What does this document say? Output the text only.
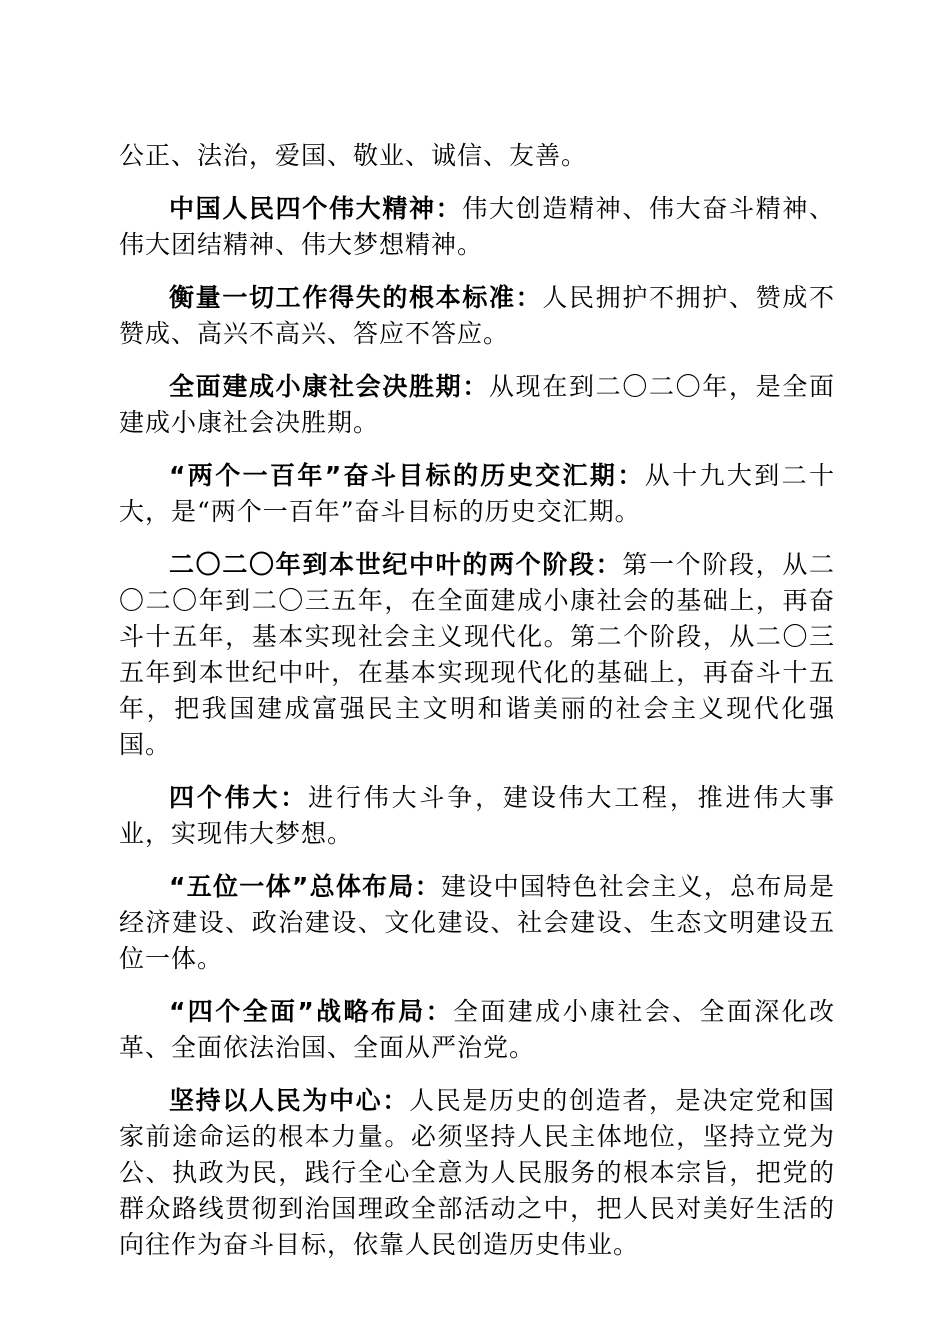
公正、法治，爱国、敬业、诚信、友善。

中国人民四个伟大精神：伟大创造精神、伟大奋斗精神、伟大团结精神、伟大梦想精神。

衡量一切工作得失的根本标准：人民拥护不拥护、赞成不赞成、高兴不高兴、答应不答应。

全面建成小康社会决胜期：从现在到二〇二〇年，是全面建成小康社会决胜期。

“两个一百年”奋斗目标的历史交汇期：从十九大到二十大，是“两个一百年”奋斗目标的历史交汇期。

二〇二〇年到本世纪中叶的两个阶段：第一个阶段，从二〇二〇年到二〇三五年，在全面建成小康社会的基础上，再奋斗十五年，基本实现社会主义现代化。第二个阶段，从二〇三五年到本世纪中叶，在基本实现现代化的基础上，再奋斗十五年，把我国建成富强民主文明和谐美丽的社会主义现代化强国。

四个伟大：进行伟大斗争，建设伟大工程，推进伟大事业，实现伟大梦想。

“五位一体”总体布局：建设中国特色社会主义，总布局是经济建设、政治建设、文化建设、社会建设、生态文明建设五位一体。

“四个全面”战略布局：全面建成小康社会、全面深化改革、全面依法治国、全面从严治党。

坚持以人民为中心：人民是历史的创造者，是决定党和国家前途命运的根本力量。必须坚持人民主体地位，坚持立党为公、执政为民，践行全心全意为人民服务的根本宗旨，把党的群众路线贯彻到治国理政全部活动之中，把人民对美好生活的向往作为奋斗目标，依靠人民创造历史伟业。
